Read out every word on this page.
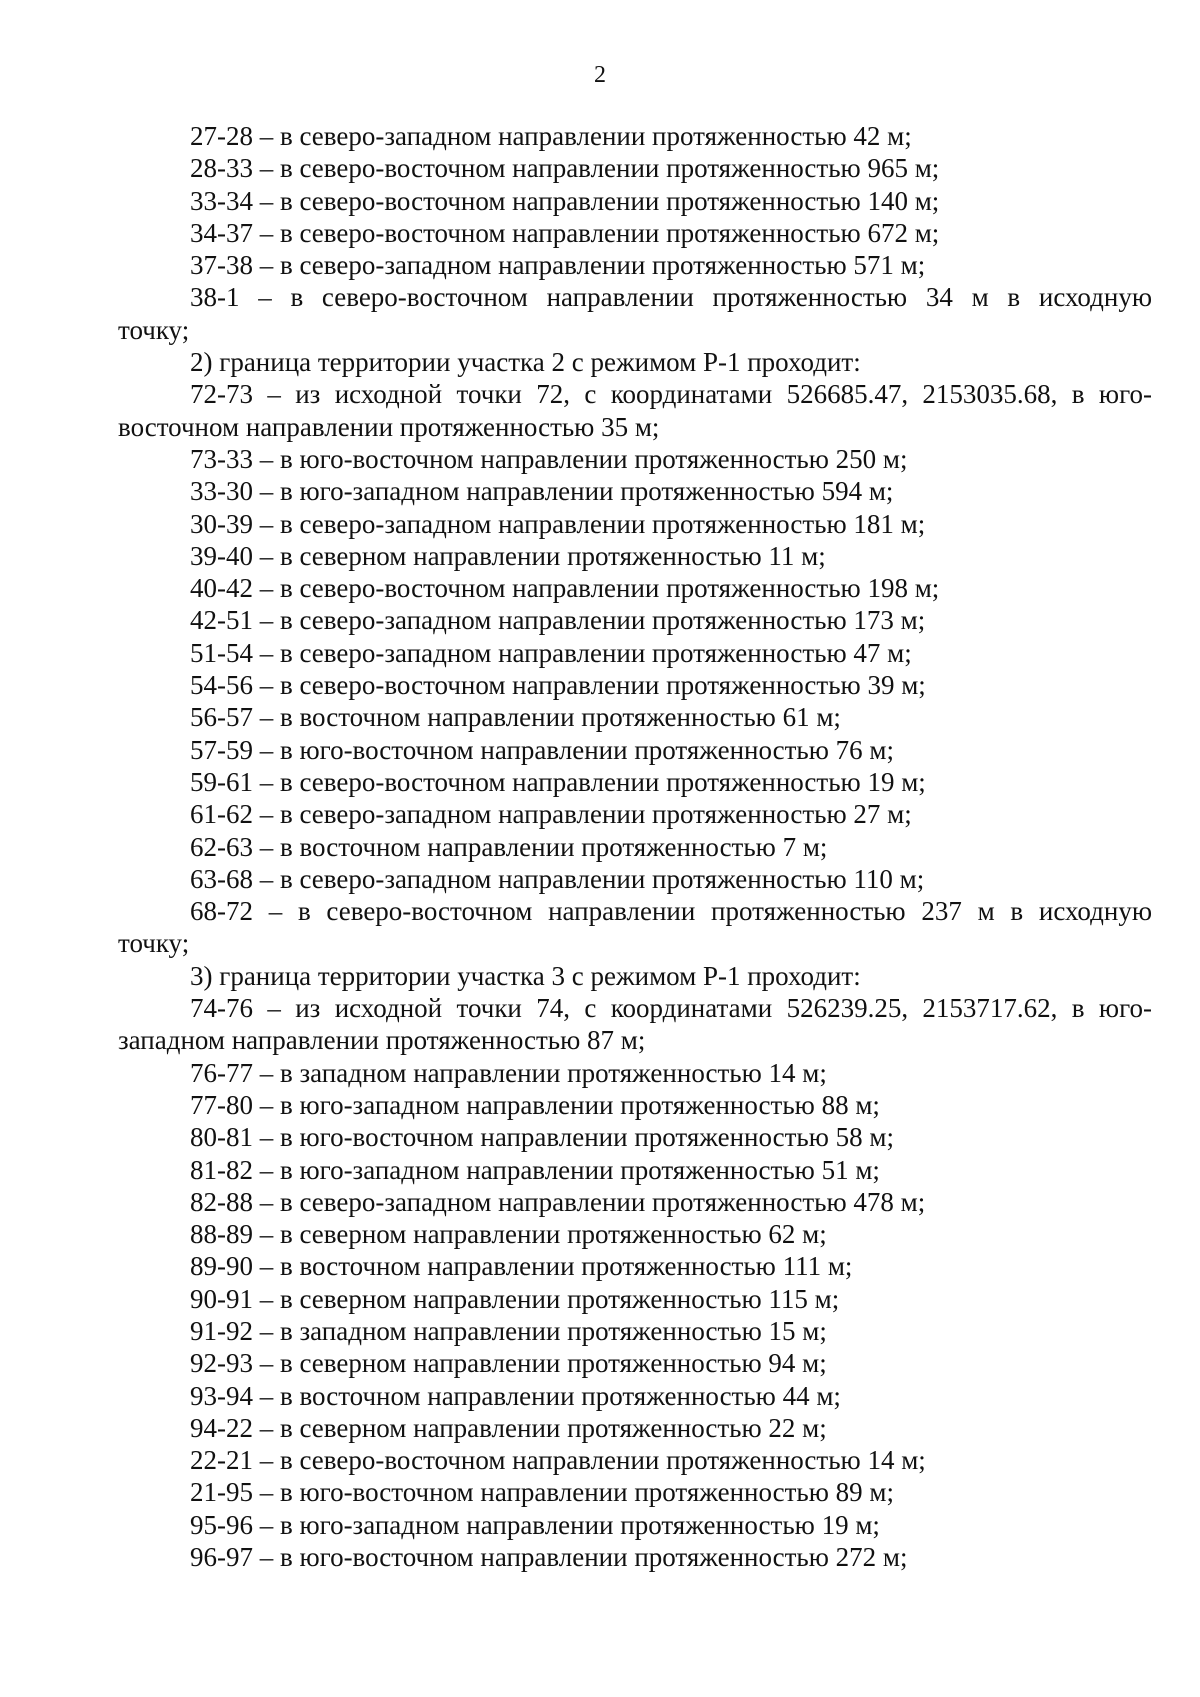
2

27-28 – в северо-западном направлении протяженностью 42 м;

28-33 – в северо-восточном направлении протяженностью 965 м;

33-34 – в северо-восточном направлении протяженностью 140 м;

34-37 – в северо-восточном направлении протяженностью 672 м;

37-38 – в северо-западном направлении протяженностью 571 м;

38-1 – в северо-восточном направлении протяженностью 34 м в исходную

точку;

2) граница территории участка 2 с режимом Р-1 проходит:

72-73 – из исходной точки 72, с координатами 526685.47, 2153035.68, в юго-

восточном направлении протяженностью 35 м;

73-33 – в юго-восточном направлении протяженностью 250 м;

33-30 – в юго-западном направлении протяженностью 594 м;

30-39 – в северо-западном направлении протяженностью 181 м;

39-40 – в северном направлении протяженностью 11 м;

40-42 – в северо-восточном направлении протяженностью 198 м;

42-51 – в северо-западном направлении протяженностью 173 м;

51-54 – в северо-западном направлении протяженностью 47 м;

54-56 – в северо-восточном направлении протяженностью 39 м;

56-57 – в восточном направлении протяженностью 61 м;

57-59 – в юго-восточном направлении протяженностью 76 м;

59-61 – в северо-восточном направлении протяженностью 19 м;

61-62 – в северо-западном направлении протяженностью 27 м;

62-63 – в восточном направлении протяженностью 7 м;

63-68 – в северо-западном направлении протяженностью 110 м;

68-72 – в северо-восточном направлении протяженностью 237 м в исходную

точку;

3) граница территории участка 3 с режимом Р-1 проходит:

74-76 – из исходной точки 74, с координатами 526239.25, 2153717.62, в юго-

западном направлении протяженностью 87 м;

76-77 – в западном направлении протяженностью 14 м;

77-80 – в юго-западном направлении протяженностью 88 м;

80-81 – в юго-восточном направлении протяженностью 58 м;

81-82 – в юго-западном направлении протяженностью 51 м;

82-88 – в северо-западном направлении протяженностью 478 м;

88-89 – в северном направлении протяженностью 62 м;

89-90 – в восточном направлении протяженностью 111 м;

90-91 – в северном направлении протяженностью 115 м;

91-92 – в западном направлении протяженностью 15 м;

92-93 – в северном направлении протяженностью 94 м;

93-94 – в восточном направлении протяженностью 44 м;

94-22 – в северном направлении протяженностью 22 м;

22-21 – в северо-восточном направлении протяженностью 14 м;

21-95 – в юго-восточном направлении протяженностью 89 м;

95-96 – в юго-западном направлении протяженностью 19 м;

96-97 – в юго-восточном направлении протяженностью 272 м;
